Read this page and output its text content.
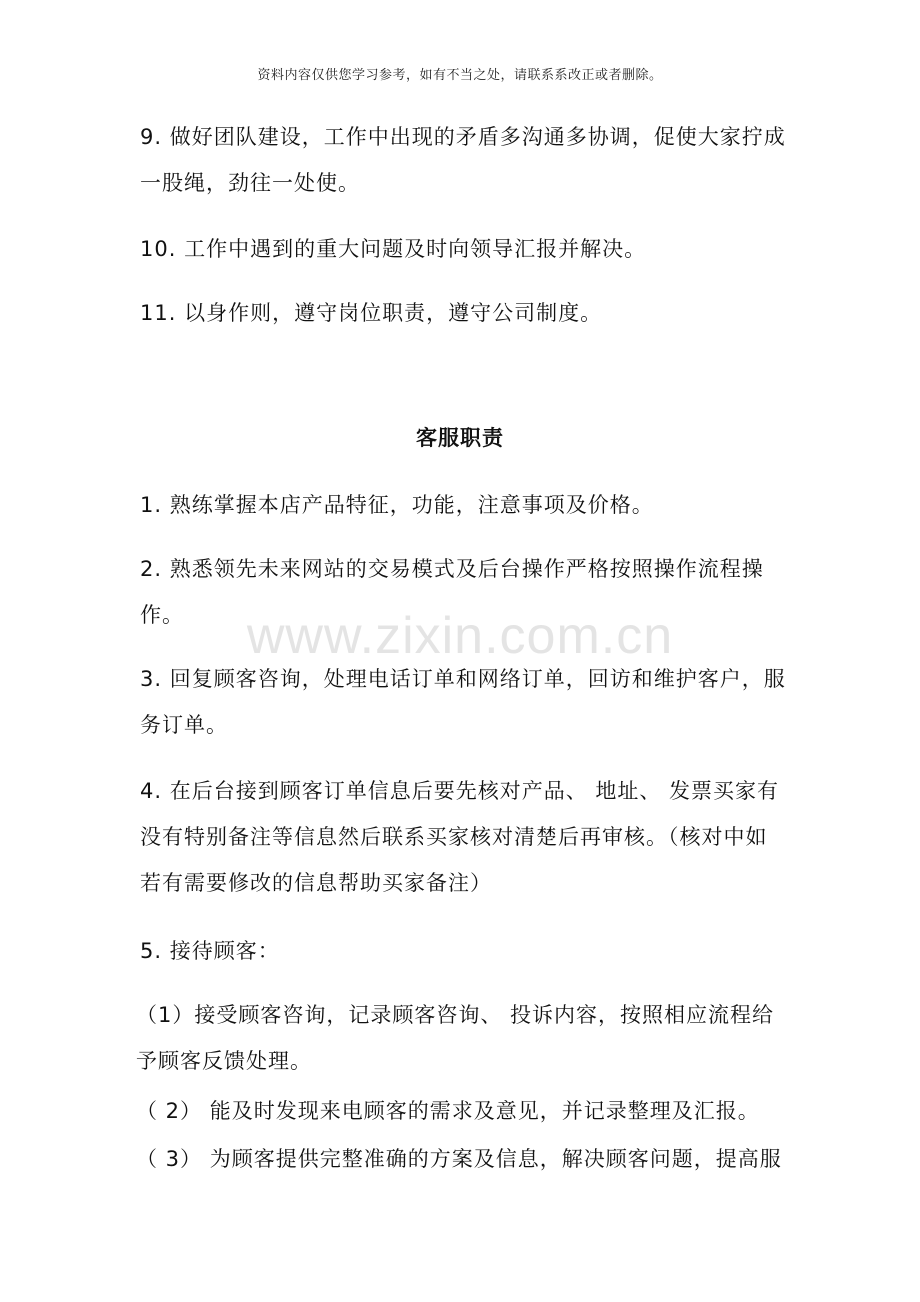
资料内容仅供您学习参考，如有不当之处，请联系系改正或者删除。
www.zixin.com.cn

9. 做好团队建设，工作中出现的矛盾多沟通多协调，促使大家拧成
一股绳，劲往一处使。

10. 工作中遇到的重大问题及时向领导汇报并解决。

11. 以身作则，遵守岗位职责，遵守公司制度。

客服职责

1. 熟练掌握本店产品特征，功能，注意事项及价格。

2. 熟悉领先未来网站的交易模式及后台操作严格按照操作流程操
作。

3. 回复顾客咨询，处理电话订单和网络订单，回访和维护客户，服
务订单。

4. 在后台接到顾客订单信息后要先核对产品、 地址、 发票买家有
没有特别备注等信息然后联系买家核对清楚后再审核。（核对中如
若有需要修改的信息帮助买家备注）

5. 接待顾客：

（1）接受顾客咨询，记录顾客咨询、 投诉内容，按照相应流程给
予顾客反馈处理。

（ 2） 能及时发现来电顾客的需求及意见，并记录整理及汇报。

（ 3） 为顾客提供完整准确的方案及信息，解决顾客问题，提高服
